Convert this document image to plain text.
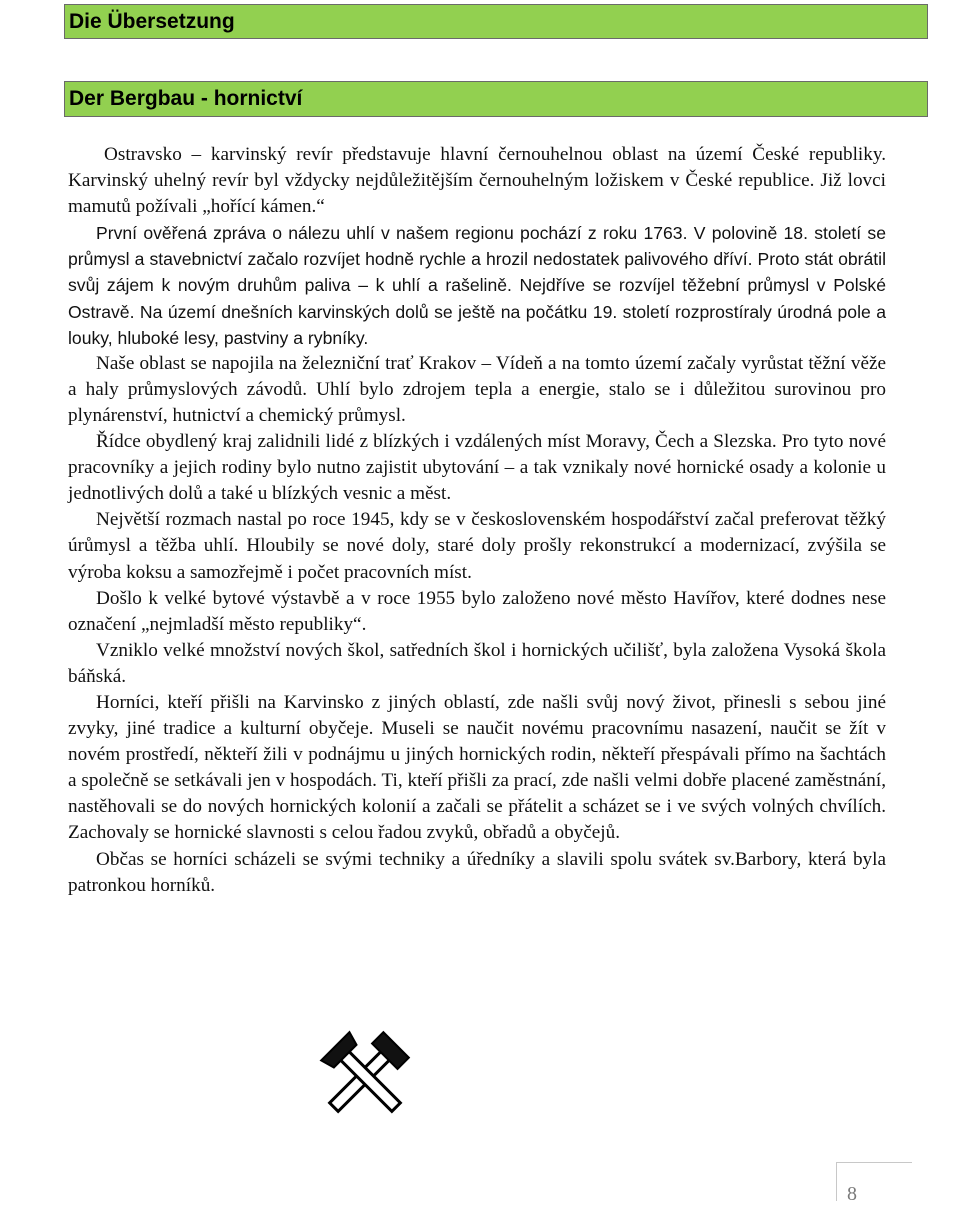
Die Übersetzung
Der Bergbau - hornictví

Ostravsko – karvinský revír představuje hlavní černouhelnou oblast na území České republiky. Karvinský uhelný revír byl vždycky nejdůležitějším černouhelným ložiskem v České republice. Již lovci mamutů požívali „hořící kámen.“

První ověřená zpráva o nálezu uhlí v našem regionu pochází z roku 1763. V polovině 18. století se průmysl a stavebnictví začalo rozvíjet hodně rychle a hrozil nedostatek palivového dříví. Proto stát obrátil svůj zájem k novým druhům paliva – k uhlí a rašelině. Nejdříve se rozvíjel těžební průmysl v Polské Ostravě. Na území dnešních karvinských dolů se ještě na počátku 19. století rozprostíraly úrodná pole a louky, hluboké lesy, pastviny a rybníky.

Naše oblast se napojila na železniční trať Krakov – Vídeň a na tomto území začaly vyrůstat těžní věže a haly průmyslových závodů. Uhlí bylo zdrojem tepla a energie, stalo se i důležitou surovinou pro plynárenství, hutnictví a chemický průmysl.

Řídce obydlený kraj zalidnili lidé z blízkých i vzdálených míst Moravy, Čech a Slezska. Pro tyto nové pracovníky a jejich rodiny bylo nutno zajistit ubytování – a tak vznikaly nové hornické osady a kolonie u jednotlivých dolů a také u blízkých vesnic a měst.

Největší rozmach nastal po roce 1945, kdy se v československém hospodářství začal preferovat těžký úrůmysl a těžba uhlí. Hloubily se nové doly, staré doly prošly rekonstrukcí a modernizací, zvýšila se výroba koksu a samozřejmě i počet pracovních míst.

Došlo k velké bytové výstavbě a v roce 1955 bylo založeno nové město Havířov, které dodnes nese označení „nejmladší město republiky“.

Vzniklo velké množství nových škol, satředních škol i hornických učilišť, byla založena Vysoká škola báňská.

Horníci, kteří přišli na Karvinsko z jiných oblastí, zde našli svůj nový život, přinesli s sebou jiné zvyky, jiné tradice a kulturní obyčeje. Museli se naučit novému pracovnímu nasazení, naučit se žít v novém prostředí, někteří žili v podnájmu u jiných hornických rodin, někteří přespávali přímo na šachtách a společně se setkávali jen v hospodách. Ti, kteří přišli za prací, zde našli velmi dobře placené zaměstnání, nastěhovali se do nových hornických kolonií a začali se přátelit a scházet se i ve svých volných chvílích. Zachovaly se hornické slavnosti s celou řadou zvyků, obřadů a obyčejů.

Občas se horníci scházeli se svými techniky a úředníky a slavili spolu svátek sv.Barbory, která byla patronkou horníků.

8
